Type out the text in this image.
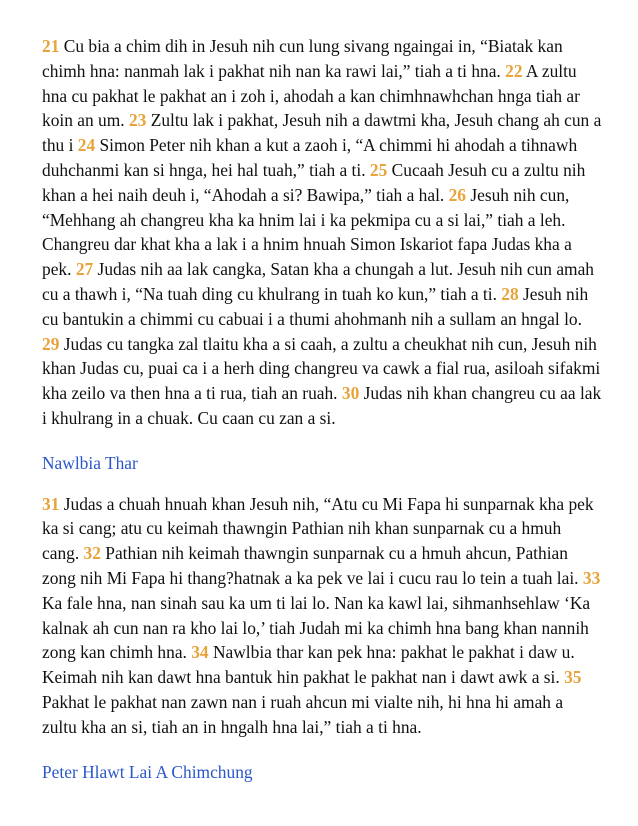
21 Cu bia a chim dih in Jesuh nih cun lung sivang ngaingai in, “Biatak kan chimh hna: nanmah lak i pakhat nih nan ka rawi lai,” tiah a ti hna. 22 A zultu hna cu pakhat le pakhat an i zoh i, ahodah a kan chimhnawhchan hnga tiah ar koin an um. 23 Zultu lak i pakhat, Jesuh nih a dawtmi kha, Jesuh chang ah cun a thu i 24 Simon Peter nih khan a kut a zaoh i, “A chimmi hi ahodah a tihnawh duhchanmi kan si hnga, hei hal tuah,” tiah a ti. 25 Cucaah Jesuh cu a zultu nih khan a hei naih deuh i, “Ahodah a si? Bawipa,” tiah a hal. 26 Jesuh nih cun, “Mehhang ah changreu kha ka hnim lai i ka pekmipa cu a si lai,” tiah a leh. Changreu dar khat kha a lak i a hnim hnuah Simon Iskariot fapa Judas kha a pek. 27 Judas nih aa lak cangka, Satan kha a chungah a lut. Jesuh nih cun amah cu a thawh i, “Na tuah ding cu khulrang in tuah ko kun,” tiah a ti. 28 Jesuh nih cu bantukin a chimmi cu cabuai i a thumi ahohmanh nih a sullam an hngal lo. 29 Judas cu tangka zal tlaitu kha a si caah, a zultu a cheukhat nih cun, Jesuh nih khan Judas cu, puai ca i a herh ding changreu va cawk a fial rua, asiloah sifakmi kha zeilo va then hna a ti rua, tiah an ruah. 30 Judas nih khan changreu cu aa lak i khulrang in a chuak. Cu caan cu zan a si.

Nawlbia Thar

31 Judas a chuah hnuah khan Jesuh nih, “Atu cu Mi Fapa hi sunparnak kha pek ka si cang; atu cu keimah thawngin Pathian nih khan sunparnak cu a hmuh cang. 32 Pathian nih keimah thawngin sunparnak cu a hmuh ahcun, Pathian zong nih Mi Fapa hi thang?hatnak a ka pek ve lai i cucu rau lo tein a tuah lai. 33 Ka fale hna, nan sinah sau ka um ti lai lo. Nan ka kawl lai, sihmanhsehlaw ‘Ka kalnak ah cun nan ra kho lai lo,’ tiah Judah mi ka chimh hna bang khan nannih zong kan chimh hna. 34 Nawlbia thar kan pek hna: pakhat le pakhat i daw u. Keimah nih kan dawt hna bantuk hin pakhat le pakhat nan i dawt awk a si. 35 Pakhat le pakhat nan zawn nan i ruah ahcun mi vialte nih, hi hna hi amah a zultu kha an si, tiah an in hngalh hna lai,” tiah a ti hna.

Peter Hlawt Lai A Chimchung
